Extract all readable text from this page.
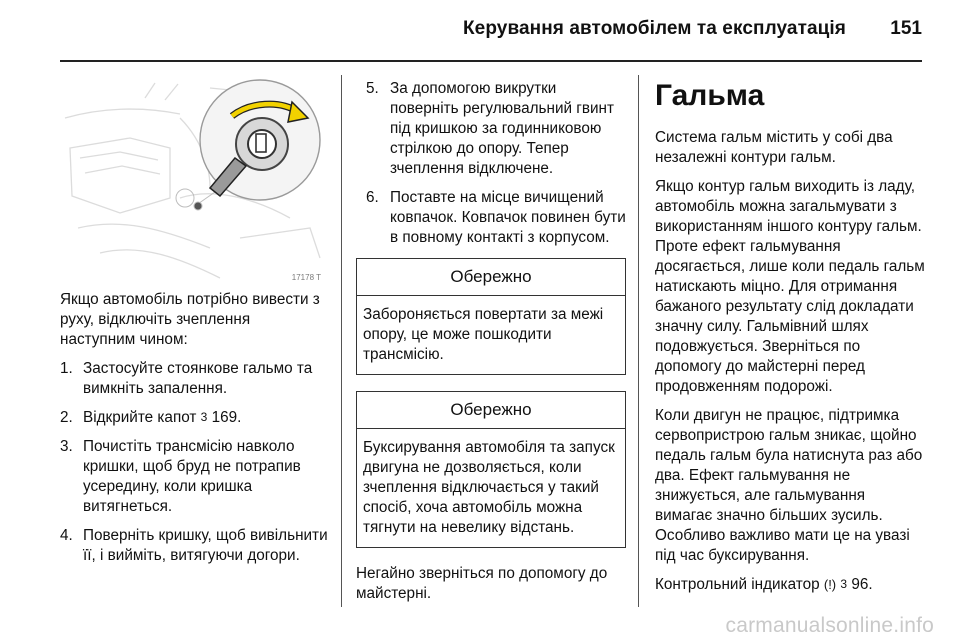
Керування автомобілем та експлуатація 151
17178 T

Якщо автомобіль потрібно вивести з руху, відключіть зчеплення наступним чином:

1. Застосуйте стоянкове гальмо та вимкніть запалення.
2. Відкрийте капот 3 169.
3. Почистіть трансмісію навколо кришки, щоб бруд не потрапив усередину, коли кришка витягнеться.
4. Поверніть кришку, щоб вивільнити її, і вийміть, витягуючи догори.
5. За допомогою викрутки поверніть регулювальний гвинт під кришкою за годинниковою стрілкою до опору. Тепер зчеплення відключене.
6. Поставте на місце вичищений ковпачок. Ковпачок повинен бути в повному контакті з корпусом.
Обережно
Забороняється повертати за межі опору, це може пошкодити трансмісію.
Обережно
Буксирування автомобіля та запуск двигуна не дозволяється, коли зчеплення відключається у такий спосіб, хоча автомобіль можна тягнути на невелику відстань.

Негайно зверніться по допомогу до майстерні.

Гальма

Система гальм містить у собі два незалежні контури гальм.

Якщо контур гальм виходить із ладу, автомобіль можна загальмувати з використанням іншого контуру гальм. Проте ефект гальмування досягається, лише коли педаль гальм натискають міцно. Для отримання бажаного результату слід докладати значну силу. Гальмівний шлях подовжується. Зверніться по допомогу до майстерні перед продовженням подорожі.

Коли двигун не працює, підтримка сервопристрою гальм зникає, щойно педаль гальм була натиснута раз або два. Ефект гальмування не знижується, але гальмування вимагає значно більших зусиль. Особливо важливо мати це на увазі під час буксирування.

Контрольний індикатор (!) 3 96.

carmanualsonline.info
